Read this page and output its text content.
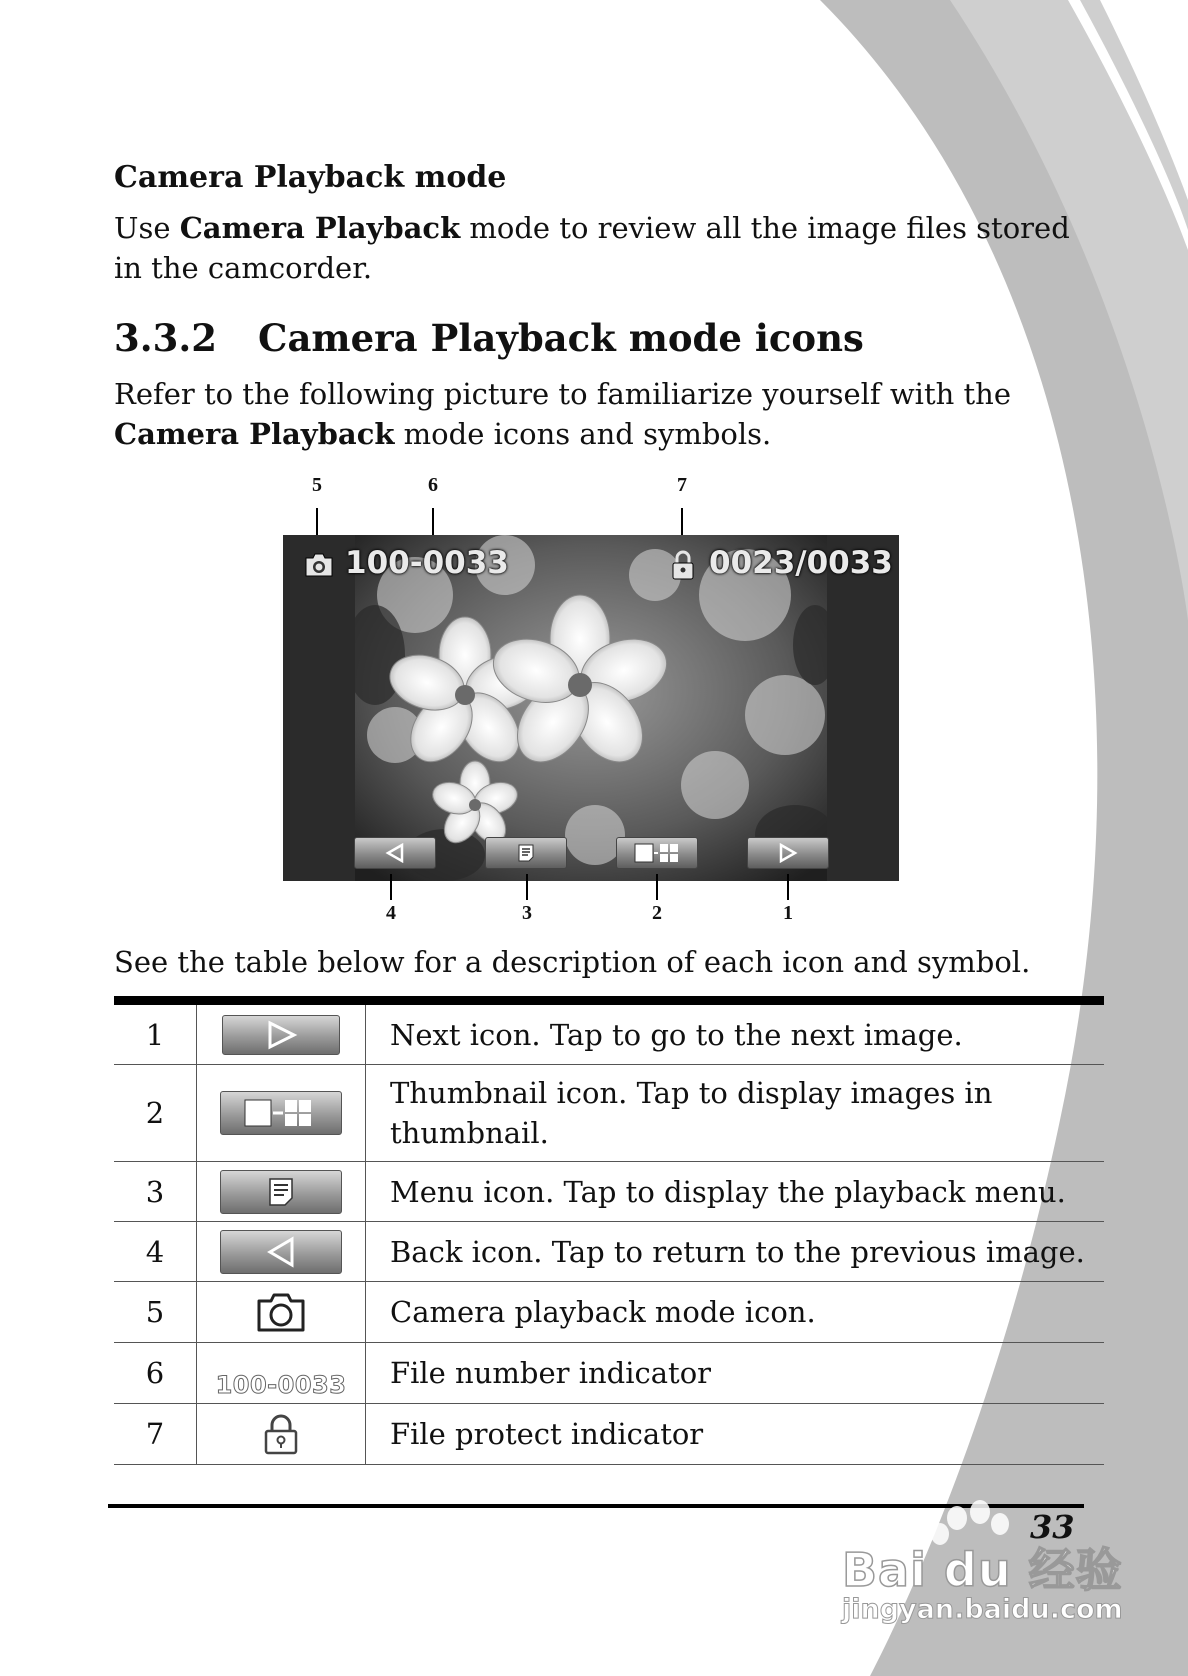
Camera Playback mode
Use Camera Playback mode to review all the image files stored in the camcorder.
3.3.2 Camera Playback mode icons
Refer to the following picture to familiarize yourself with the Camera Playback mode icons and symbols.
5	6	7
100-0033	0023/0033
4	3	2	1
See the table below for a description of each icon and symbol.
1		Next icon. Tap to go to the next image.
2		Thumbnail icon. Tap to display images in thumbnail.
3		Menu icon. Tap to display the playback menu.
4		Back icon. Tap to return to the previous image.
5		Camera playback mode icon.
6	$_{100-0033}$	File number indicator
7		File protect indicator
33
Bai du 经验
jingyan.baidu.com
